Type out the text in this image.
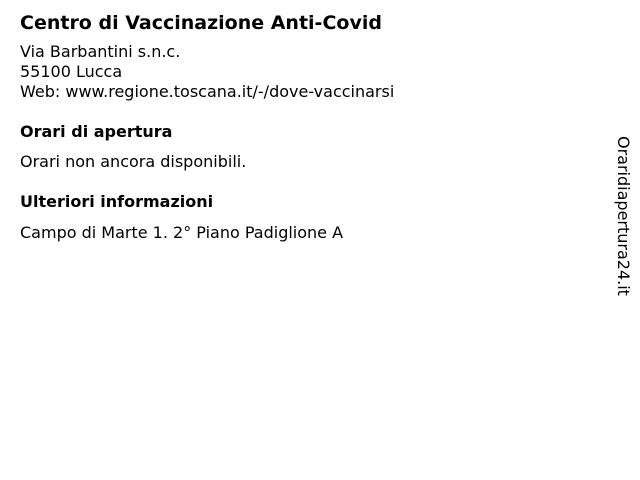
Centro di Vaccinazione Anti-Covid
Via Barbantini s.n.c.
55100 Lucca
Web: www.regione.toscana.it/-/dove-vaccinarsi
Orari di apertura
Orari non ancora disponibili.
Ulteriori informazioni
Campo di Marte 1. 2° Piano Padiglione A	Oraridiapertura24.it
